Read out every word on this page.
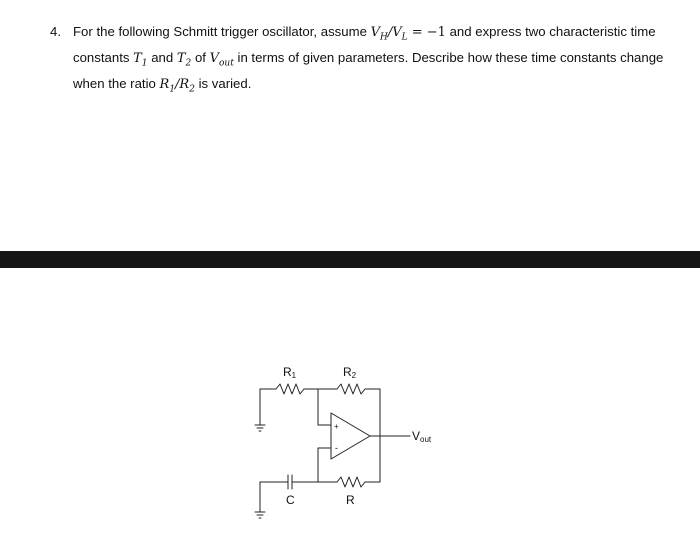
4. For the following Schmitt trigger oscillator, assume $V_H/V_L = -1$ and express two characteristic time constants $T_1$ and $T_2$ of $V_{out}$ in terms of given parameters. Describe how these time constants change when the ratio $R_1/R_2$ is varied.
R1	R2
Vout
C	R
+
-
